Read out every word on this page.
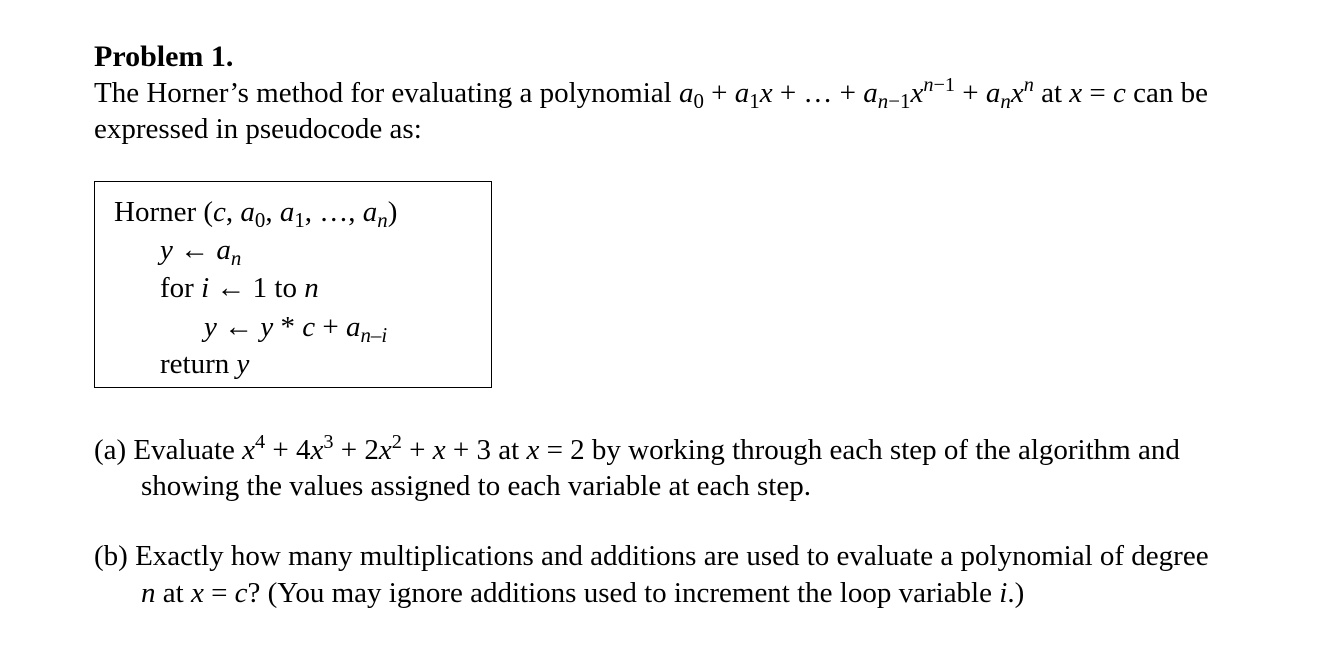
Problem 1.
The Horner’s method for evaluating a polynomial $a_0 + a_1x$ + … + $a_{n-1}x^{n-1} + a_nx^n$ at x = c can be
expressed in pseudocode as:
Horner (c, $a_0$, $a_1$, …, $a_n$)
y ← $a_n$
for i ← 1 to n
y ← $y * c + a_{n-i}$
return y
(a) Evaluate $x^4 + 4x^3 + 2x^2 + x + 3$ at x = 2 by working through each step of the algorithm and
showing the values assigned to each variable at each step.
(b) Exactly how many multiplications and additions are used to evaluate a polynomial of degree
n at x = c? (You may ignore additions used to increment the loop variable i.)
